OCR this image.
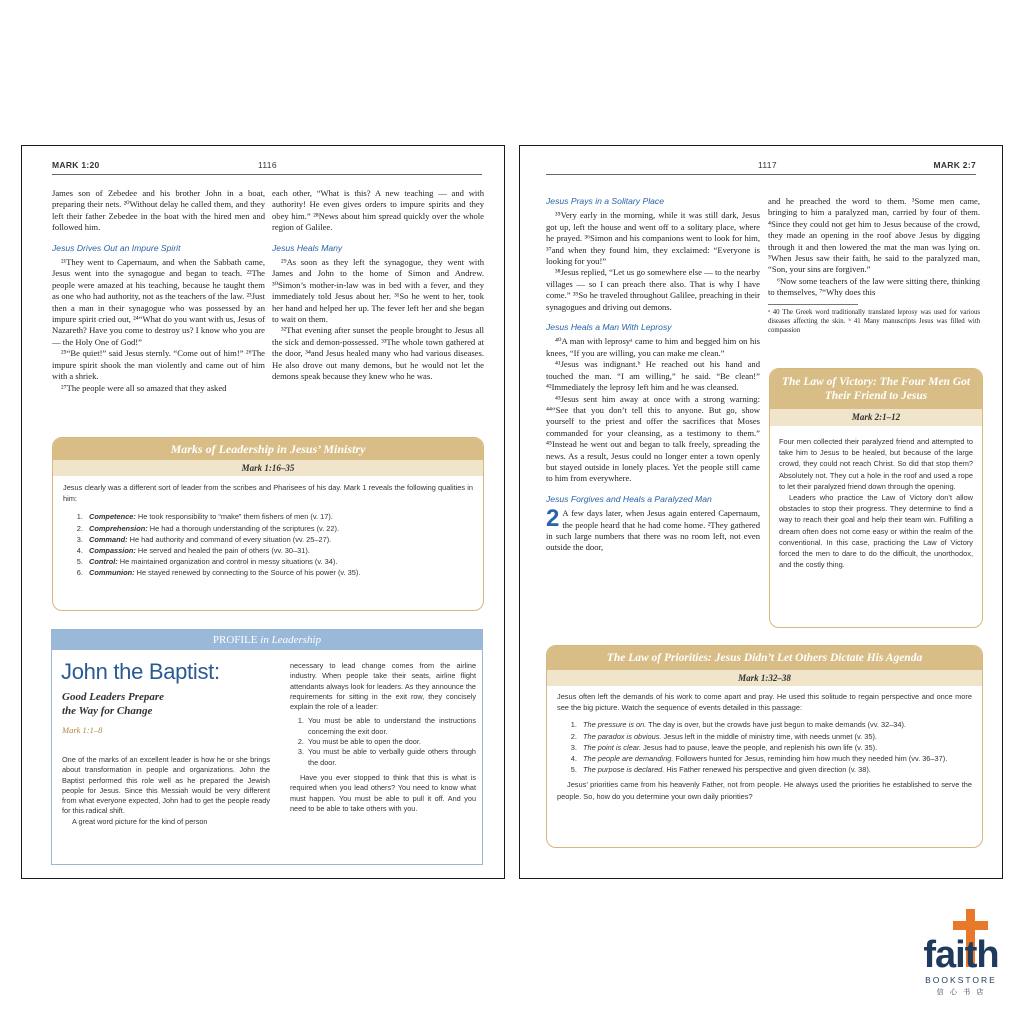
MARK 1:20	1116

James son of Zebedee and his brother John in a boat, preparing their nets. ²⁰Without delay he called them, and they left their father Zebedee in the boat with the hired men and followed him.

Jesus Drives Out an Impure Spirit

²¹They went to Capernaum, and when the Sabbath came, Jesus went into the synagogue and began to teach. ²²The people were amazed at his teaching, because he taught them as one who had authority, not as the teachers of the law. ²³Just then a man in their synagogue who was possessed by an impure spirit cried out, ²⁴“What do you want with us, Jesus of Nazareth? Have you come to destroy us? I know who you are — the Holy One of God!”

²⁵“Be quiet!” said Jesus sternly. “Come out of him!” ²⁶The impure spirit shook the man violently and came out of him with a shriek.

²⁷The people were all so amazed that they asked

each other, “What is this? A new teaching — and with authority! He even gives orders to impure spirits and they obey him.” ²⁸News about him spread quickly over the whole region of Galilee.

Jesus Heals Many

²⁹As soon as they left the synagogue, they went with James and John to the home of Simon and Andrew. ³⁰Simon’s mother-in-law was in bed with a fever, and they immediately told Jesus about her. ³¹So he went to her, took her hand and helped her up. The fever left her and she began to wait on them.

³²That evening after sunset the people brought to Jesus all the sick and demon-possessed. ³³The whole town gathered at the door, ³⁴and Jesus healed many who had various diseases. He also drove out many demons, but he would not let the demons speak because they knew who he was.

Marks of Leadership in Jesus’ Ministry
Mark 1:16–35

Jesus clearly was a different sort of leader from the scribes and Pharisees of his day. Mark 1 reveals the following qualities in him:

1. Competence: He took responsibility to “make” them fishers of men (v. 17).
2. Comprehension: He had a thorough understanding of the scriptures (v. 22).
3. Command: He had authority and command of every situation (vv. 25–27).
4. Compassion: He served and healed the pain of others (vv. 30–31).
5. Control: He maintained organization and control in messy situations (v. 34).
6. Communion: He stayed renewed by connecting to the Source of his power (v. 35).
PROFILE in Leadership
John the Baptist:
Good Leaders Prepare
the Way for Change
Mark 1:1–8

One of the marks of an excellent leader is how he or she brings about transformation in people and organizations. John the Baptist performed this role well as he prepared the Jewish people for Jesus. Since this Messiah would be very different from what everyone expected, John had to get the people ready for this radical shift.

A great word picture for the kind of person

necessary to lead change comes from the airline industry. When people take their seats, airline flight attendants always look for leaders. As they announce the requirements for sitting in the exit row, they concisely explain the role of a leader:

1. You must be able to understand the instructions concerning the exit door.
2. You must be able to open the door.
3. You must be able to verbally guide others through the door.

Have you ever stopped to think that this is what is required when you lead others? You need to know what must happen. You must be able to pull it off. And you need to be able to take others with you.

1117	MARK 2:7
Jesus Prays in a Solitary Place

³⁵Very early in the morning, while it was still dark, Jesus got up, left the house and went off to a solitary place, where he prayed. ³⁶Simon and his companions went to look for him, ³⁷and when they found him, they exclaimed: “Everyone is looking for you!”

³⁸Jesus replied, “Let us go somewhere else — to the nearby villages — so I can preach there also. That is why I have come.” ³⁹So he traveled throughout Galilee, preaching in their synagogues and driving out demons.

Jesus Heals a Man With Leprosy

⁴⁰A man with leprosyᵃ came to him and begged him on his knees, “If you are willing, you can make me clean.”

⁴¹Jesus was indignant.ᵇ He reached out his hand and touched the man. “I am willing,” he said. “Be clean!” ⁴²Immediately the leprosy left him and he was cleansed.

⁴³Jesus sent him away at once with a strong warning: ⁴⁴“See that you don’t tell this to anyone. But go, show yourself to the priest and offer the sacrifices that Moses commanded for your cleansing, as a testimony to them.” ⁴⁵Instead he went out and began to talk freely, spreading the news. As a result, Jesus could no longer enter a town openly but stayed outside in lonely places. Yet the people still came to him from everywhere.

Jesus Forgives and Heals a Paralyzed Man

2 A few days later, when Jesus again entered Capernaum, the people heard that he had come home. ²They gathered in such large numbers that there was no room left, not even outside the door,

and he preached the word to them. ³Some men came, bringing to him a paralyzed man, carried by four of them. ⁴Since they could not get him to Jesus because of the crowd, they made an opening in the roof above Jesus by digging through it and then lowered the mat the man was lying on. ⁵When Jesus saw their faith, he said to the paralyzed man, “Son, your sins are forgiven.”

⁶Now some teachers of the law were sitting there, thinking to themselves, ⁷“Why does this

ᵃ 40 The Greek word traditionally translated leprosy was used for various diseases affecting the skin. ᵇ 41 Many manuscripts Jesus was filled with compassion

The Law of Victory: The Four Men Got Their Friend to Jesus
Mark 2:1–12

Four men collected their paralyzed friend and attempted to take him to Jesus to be healed, but because of the large crowd, they could not reach Christ. So did that stop them? Absolutely not. They cut a hole in the roof and used a rope to let their paralyzed friend down through the opening.

Leaders who practice the Law of Victory don’t allow obstacles to stop their progress. They determine to find a way to reach their goal and help their team win. Fulfilling a dream often does not come easy or within the realm of the conventional. In this case, practicing the Law of Victory forced the men to dare to do the difficult, the unorthodox, and the costly thing.

The Law of Priorities: Jesus Didn’t Let Others Dictate His Agenda
Mark 1:32–38

Jesus often left the demands of his work to come apart and pray. He used this solitude to regain perspective and once more see the big picture. Watch the sequence of events detailed in this passage:

1. The pressure is on. The day is over, but the crowds have just begun to make demands (vv. 32–34).
2. The paradox is obvious. Jesus left in the middle of ministry time, with needs unmet (v. 35).
3. The point is clear. Jesus had to pause, leave the people, and replenish his own life (v. 35).
4. The people are demanding. Followers hunted for Jesus, reminding him how much they needed him (vv. 36–37).
5. The purpose is declared. His Father renewed his perspective and given direction (v. 38).

Jesus’ priorities came from his heavenly Father, not from people. He always used the priorities he established to serve the people. So, how do you determine your own daily priorities?

faith
BOOKSTORE
信 心 书 店
